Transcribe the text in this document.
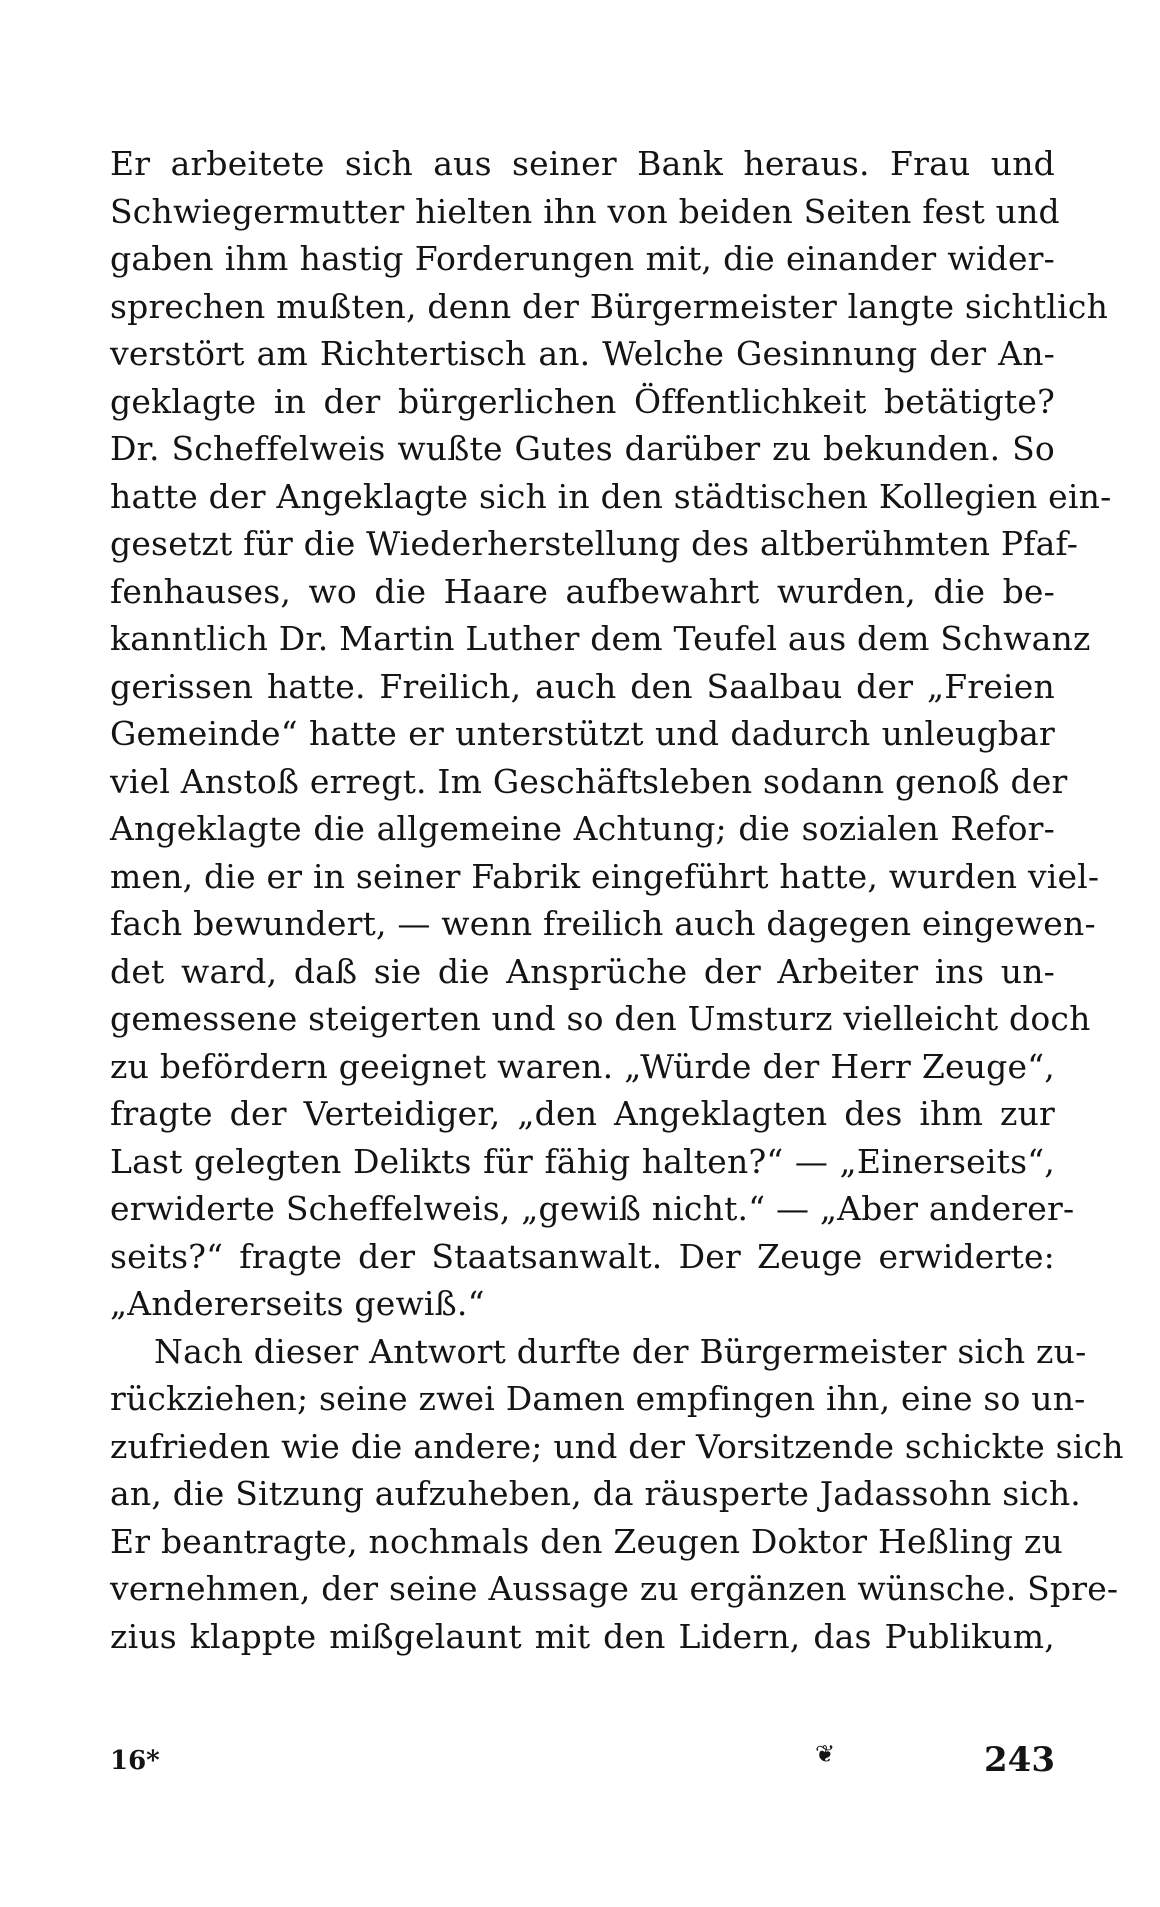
Er arbeitete sich aus seiner Bank heraus. Frau und
Schwiegermutter hielten ihn von beiden Seiten fest und
gaben ihm hastig Forderungen mit, die einander wider-
sprechen mußten, denn der Bürgermeister langte sichtlich
verstört am Richtertisch an. Welche Gesinnung der An-
geklagte in der bürgerlichen Öffentlichkeit betätigte?
Dr. Scheffelweis wußte Gutes darüber zu bekunden. So
hatte der Angeklagte sich in den städtischen Kollegien ein-
gesetzt für die Wiederherstellung des altberühmten Pfaf-
fenhauses, wo die Haare aufbewahrt wurden, die be-
kanntlich Dr. Martin Luther dem Teufel aus dem Schwanz
gerissen hatte. Freilich, auch den Saalbau der „Freien
Gemeinde“ hatte er unterstützt und dadurch unleugbar
viel Anstoß erregt. Im Geschäftsleben sodann genoß der
Angeklagte die allgemeine Achtung; die sozialen Refor-
men, die er in seiner Fabrik eingeführt hatte, wurden viel-
fach bewundert, — wenn freilich auch dagegen eingewen-
det ward, daß sie die Ansprüche der Arbeiter ins un-
gemessene steigerten und so den Umsturz vielleicht doch
zu befördern geeignet waren. „Würde der Herr Zeuge“,
fragte der Verteidiger, „den Angeklagten des ihm zur
Last gelegten Delikts für fähig halten?“ — „Einerseits“,
erwiderte Scheffelweis, „gewiß nicht.“ — „Aber anderer-
seits?“ fragte der Staatsanwalt. Der Zeuge erwiderte:
„Andererseits gewiß.“
Nach dieser Antwort durfte der Bürgermeister sich zu-
rückziehen; seine zwei Damen empfingen ihn, eine so un-
zufrieden wie die andere; und der Vorsitzende schickte sich
an, die Sitzung aufzuheben, da räusperte Jadassohn sich.
Er beantragte, nochmals den Zeugen Doktor Heßling zu
vernehmen, der seine Aussage zu ergänzen wünsche. Spre-
zius klappte mißgelaunt mit den Lidern, das Publikum,
16*	❦	243
